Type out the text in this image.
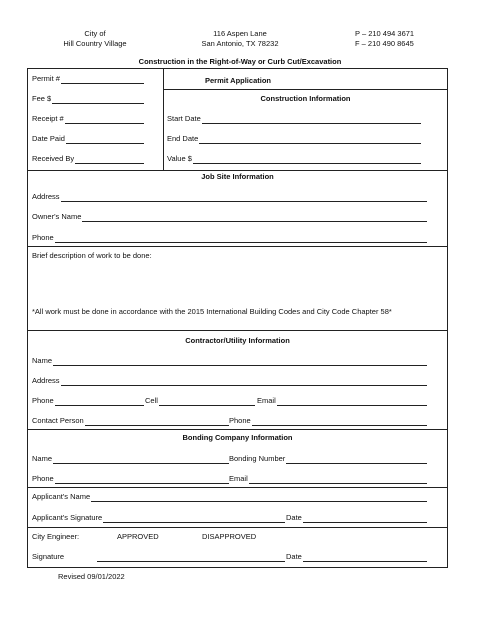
City of
Hill Country Village
116 Aspen Lane
San Antonio, TX 78232
P – 210 494 3671
F – 210 490 8645
Construction in the Right-of-Way or Curb Cut/Excavation
Permit #
Fee $
Receipt #
Date Paid
Received By
Permit Application
Construction Information
Start Date
End Date
Value $
Job Site Information
Address
Owner's Name
Phone
Brief description of work to be done:
*All work must be done in accordance with the 2015 International Building Codes and City Code Chapter 58*
Contractor/Utility Information
Name
Address
Phone	Cell	Email
Contact Person	Phone
Bonding Company Information
Name	Bonding Number
Phone	Email
Applicant's Name
Applicant's Signature	Date
City Engineer:	APPROVED	DISAPPROVED
Signature	Date
Revised 09/01/2022
